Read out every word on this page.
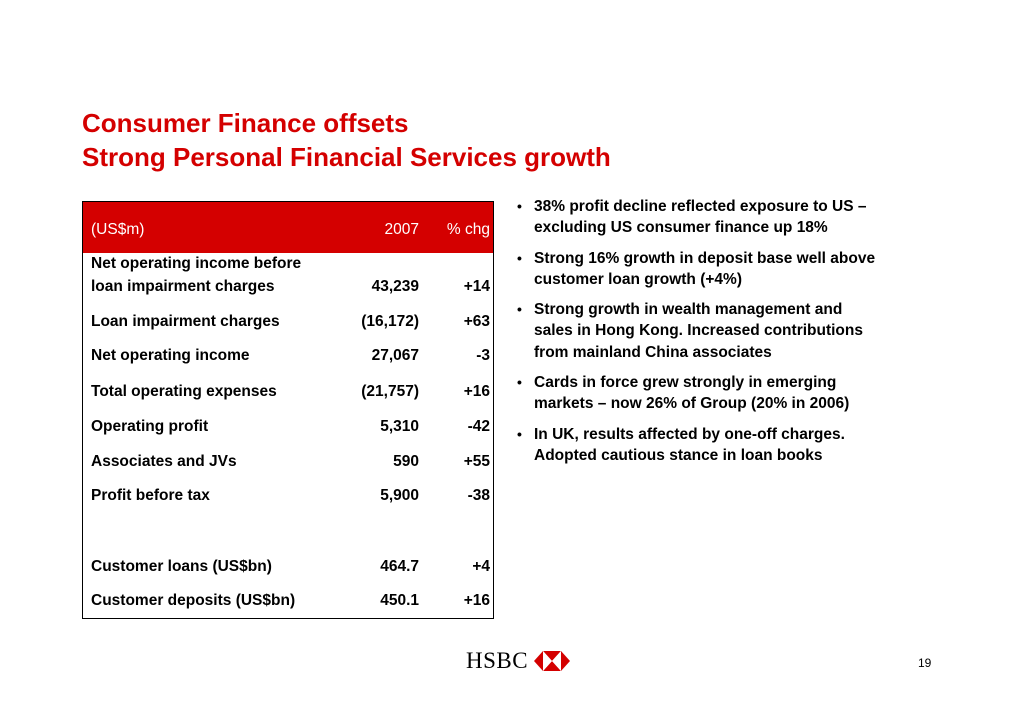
Consumer Finance offsets
Strong Personal Financial Services growth
(US$m)	2007	% chg
Net operating income before
loan impairment charges	43,239	+14
Loan impairment charges	(16,172)	+63
Net operating income	27,067	-3
Total operating expenses	(21,757)	+16
Operating profit	5,310	-42
Associates and JVs	590	+55
Profit before tax	5,900	-38
Customer loans (US$bn)	464.7	+4
Customer deposits (US$bn)	450.1	+16
• 38% profit decline reflected exposure to US –
excluding US consumer finance up 18%
• Strong 16% growth in deposit base well above
customer loan growth (+4%)
• Strong growth in wealth management and
sales in Hong Kong. Increased contributions
from mainland China associates
• Cards in force grew strongly in emerging
markets – now 26% of Group (20% in 2006)
• In UK, results affected by one-off charges.
Adopted cautious stance in loan books
HSBC	19
